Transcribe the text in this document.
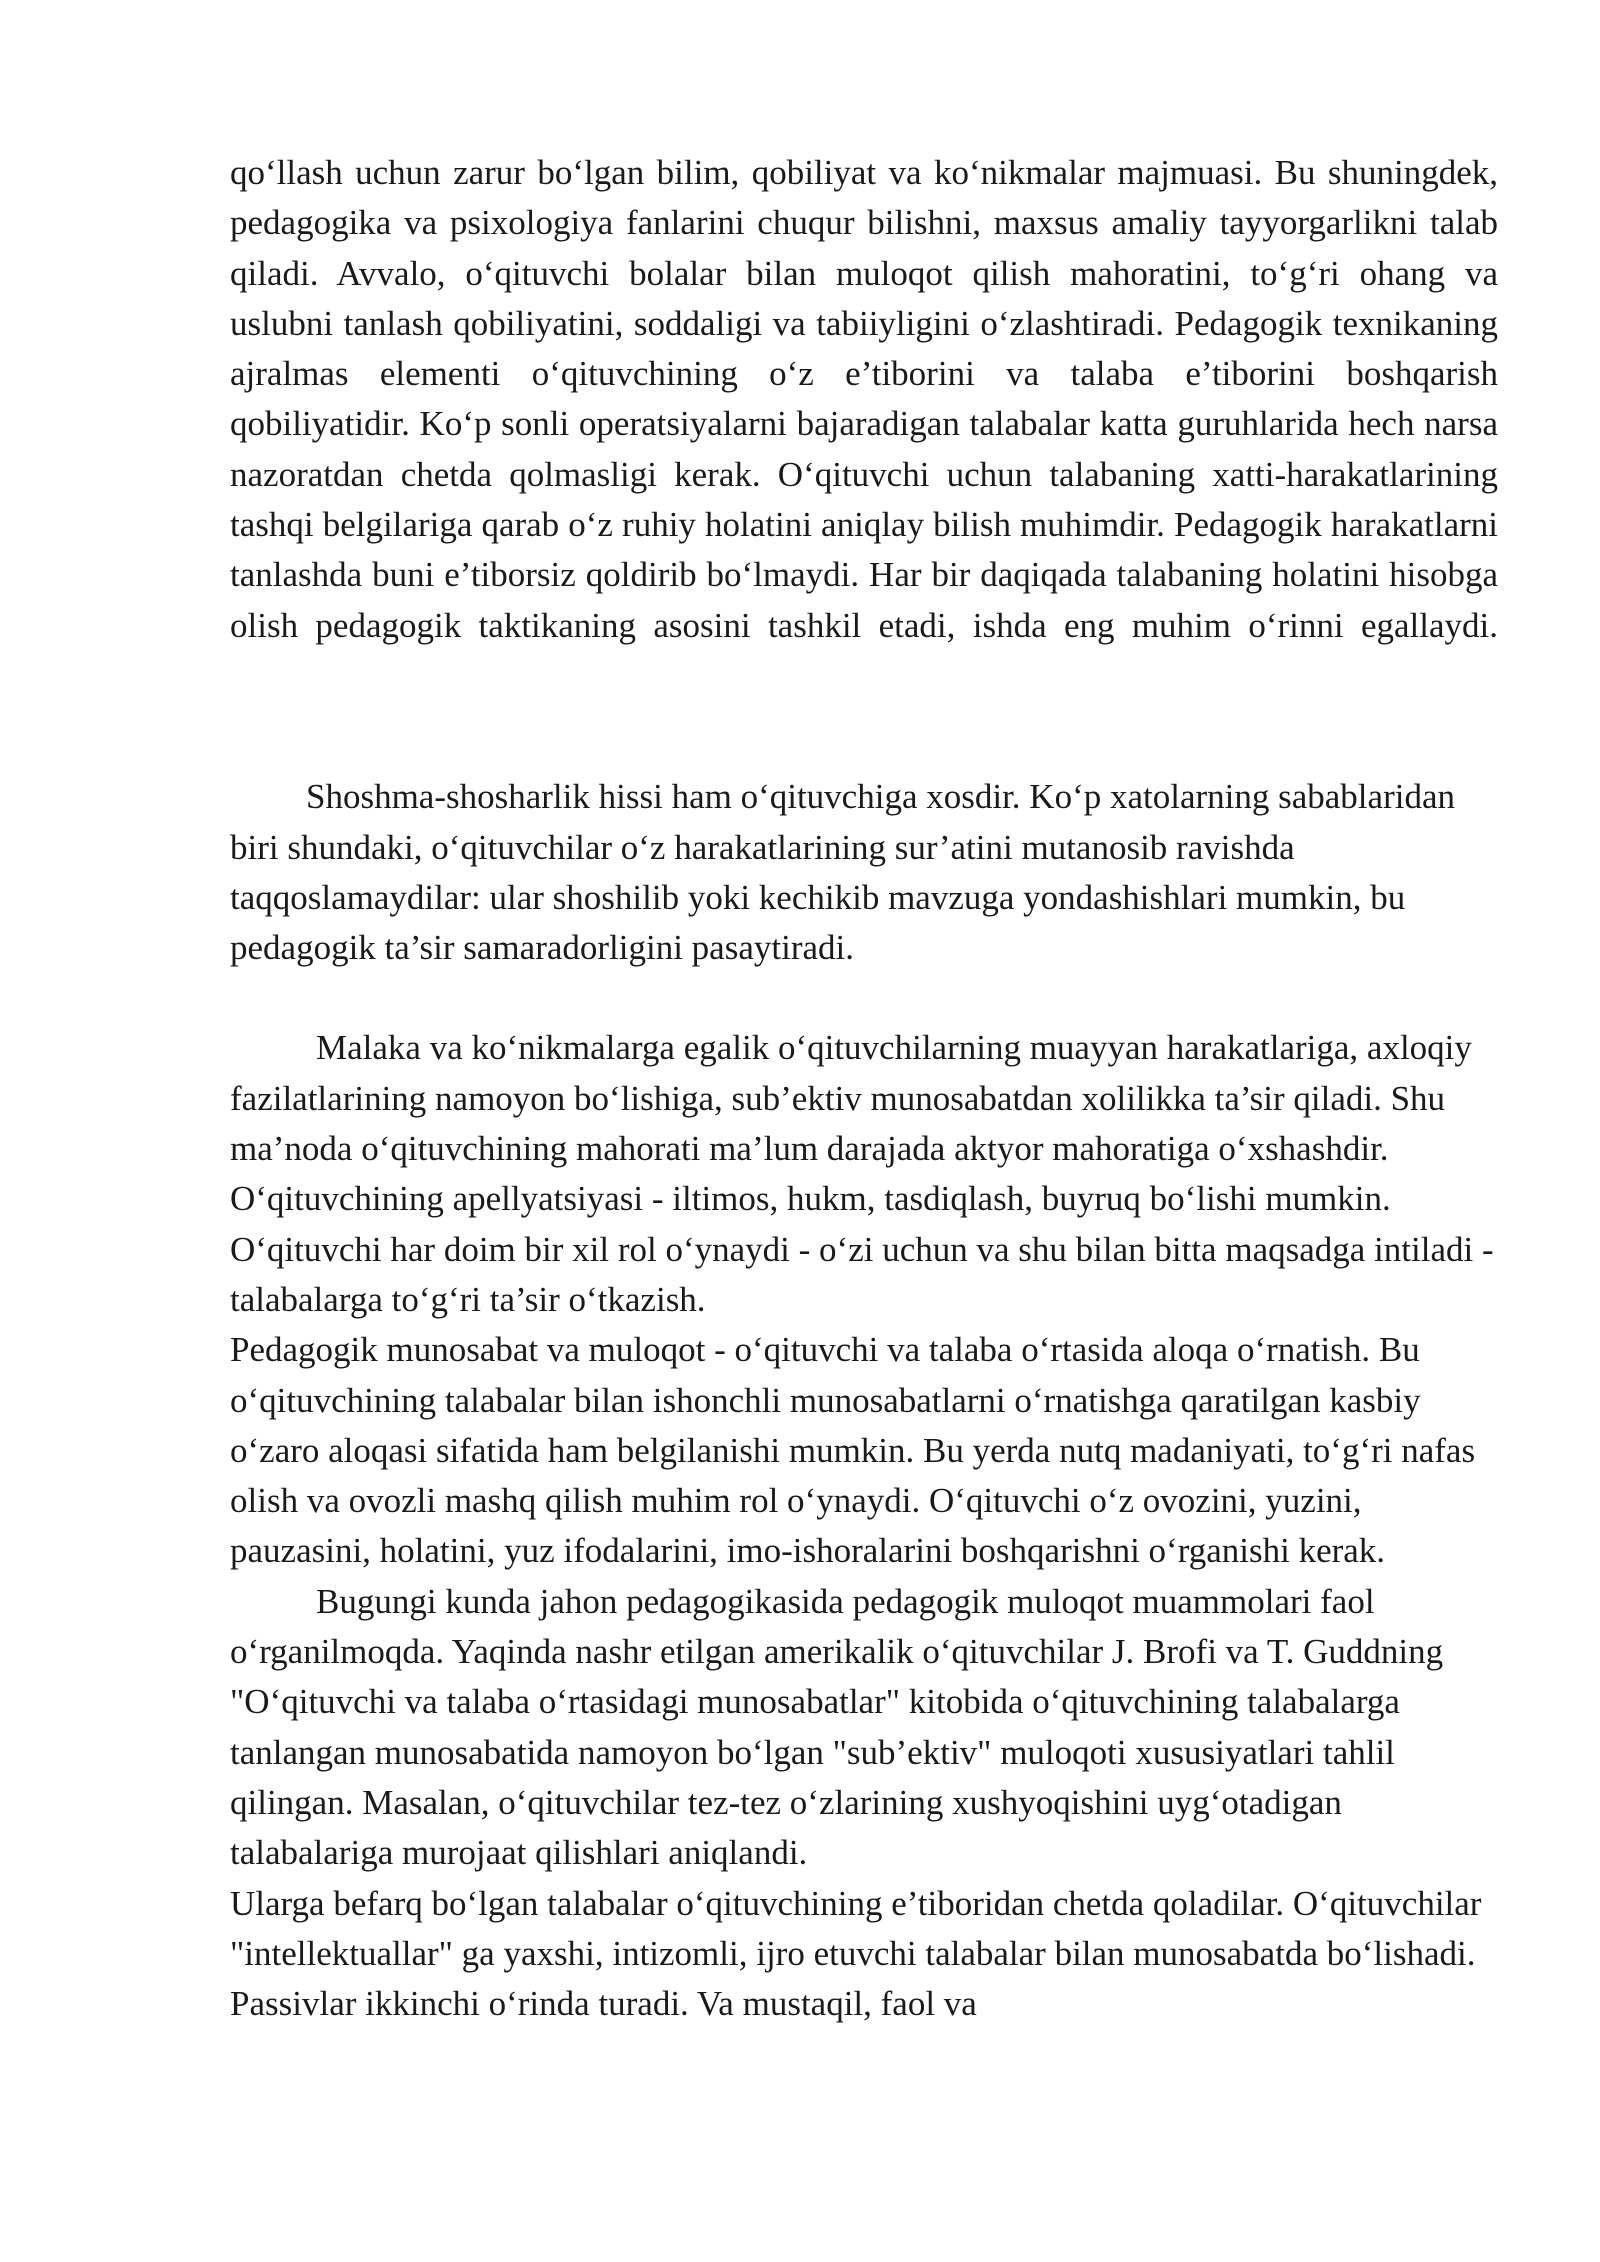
qoʻllash uchun zarur boʻlgan bilim, qobiliyat va koʻnikmalar majmuasi. Bu shuningdek, pedagogika va psixologiya fanlarini chuqur bilishni, maxsus amaliy tayyorgarlikni talab qiladi. Avvalo, oʻqituvchi bolalar bilan muloqot qilish mahoratini, toʻgʻri ohang va uslubni tanlash qobiliyatini, soddaligi va tabiiyligini oʻzlashtiradi. Pedagogik texnikaning ajralmas elementi oʻqituvchining oʻz e’tiborini va talaba e’tiborini boshqarish qobiliyatidir. Koʻp sonli operatsiyalarni bajaradigan talabalar katta guruhlarida hech narsa nazoratdan chetda qolmasligi kerak. Oʻqituvchi uchun talabaning xatti-harakatlarining tashqi belgilariga qarab oʻz ruhiy holatini aniqlay bilish muhimdir. Pedagogik harakatlarni tanlashda buni e’tiborsiz qoldirib boʻlmaydi. Har bir daqiqada talabaning holatini hisobga olish pedagogik taktikaning asosini tashkil etadi, ishda eng muhim oʻrinni egallaydi.

Shoshma-shosharlik hissi ham oʻqituvchiga xosdir. Koʻp xatolarning sabablaridan biri shundaki, oʻqituvchilar oʻz harakatlarining sur’atini mutanosib ravishda taqqoslamaydilar: ular shoshilib yoki kechikib mavzuga yondashishlari mumkin, bu pedagogik ta’sir samaradorligini pasaytiradi.

Malaka va koʻnikmalarga egalik oʻqituvchilarning muayyan harakatlariga, axloqiy fazilatlarining namoyon boʻlishiga, sub’ektiv munosabatdan xolilikka ta’sir qiladi. Shu ma’noda oʻqituvchining mahorati ma’lum darajada aktyor mahoratiga oʻxshashdir. Oʻqituvchining apellyatsiyasi - iltimos, hukm, tasdiqlash, buyruq boʻlishi mumkin. Oʻqituvchi har doim bir xil rol oʻynaydi - oʻzi uchun va shu bilan bitta maqsadga intiladi - talabalarga toʻgʻri ta’sir oʻtkazish.

Pedagogik munosabat va muloqot - oʻqituvchi va talaba oʻrtasida aloqa oʻrnatish. Bu oʻqituvchining talabalar bilan ishonchli munosabatlarni oʻrnatishga qaratilgan kasbiy oʻzaro aloqasi sifatida ham belgilanishi mumkin. Bu yerda nutq madaniyati, toʻgʻri nafas olish va ovozli mashq qilish muhim rol oʻynaydi. Oʻqituvchi oʻz ovozini, yuzini, pauzasini, holatini, yuz ifodalarini, imo-ishoralarini boshqarishni oʻrganishi kerak.

Bugungi kunda jahon pedagogikasida pedagogik muloqot muammolari faol oʻrganilmoqda. Yaqinda nashr etilgan amerikalik oʻqituvchilar J. Brofi va T. Guddning "Oʻqituvchi va talaba oʻrtasidagi munosabatlar" kitobida oʻqituvchining talabalarga tanlangan munosabatida namoyon boʻlgan "sub’ektiv" muloqoti xususiyatlari tahlil qilingan. Masalan, oʻqituvchilar tez-tez oʻzlarining xushyoqishini uygʻotadigan talabalariga murojaat qilishlari aniqlandi.

Ularga befarq boʻlgan talabalar oʻqituvchining e’tiboridan chetda qoladilar. Oʻqituvchilar "intellektuallar" ga yaxshi, intizomli, ijro etuvchi talabalar bilan munosabatda boʻlishadi. Passivlar ikkinchi oʻrinda turadi. Va mustaqil, faol va
